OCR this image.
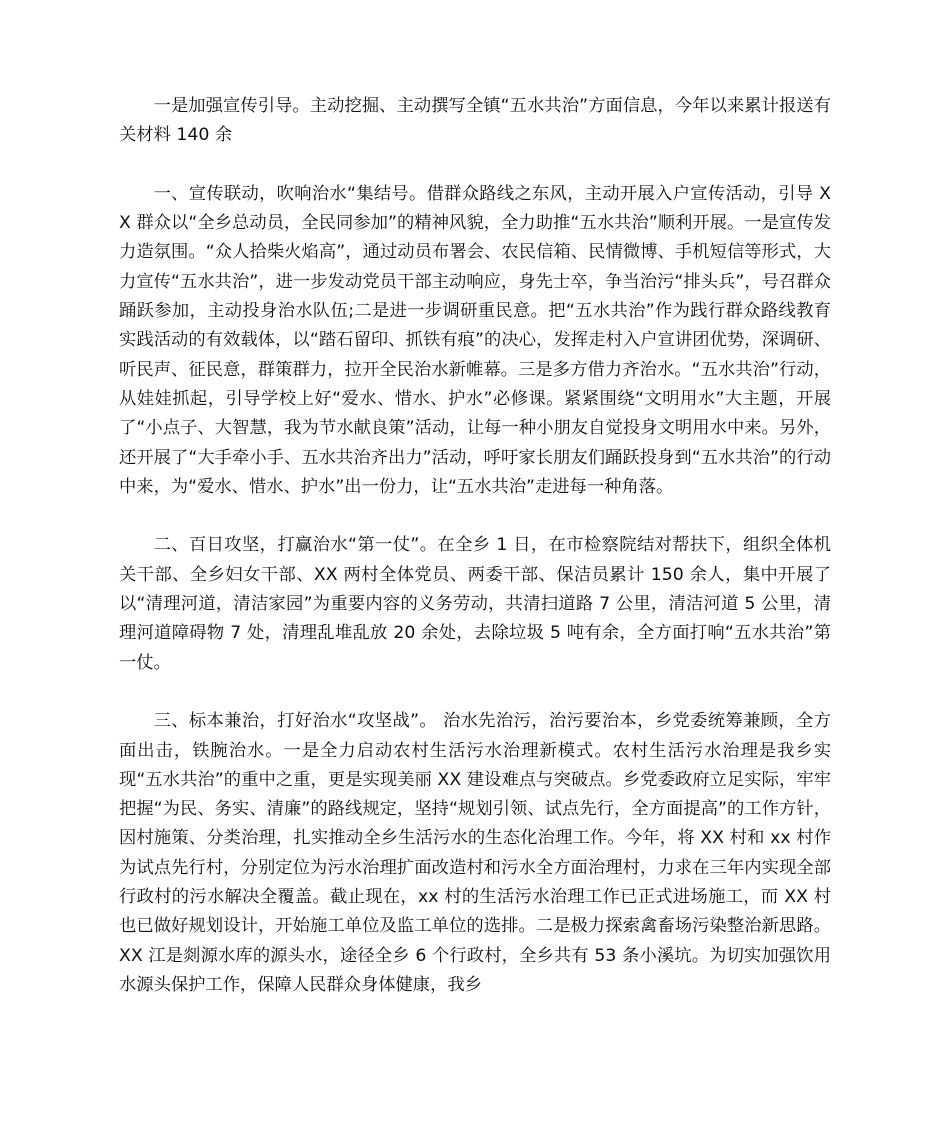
一是加强宣传引导。主动挖掘、主动撰写全镇“五水共治”方面信息，今年以来累计报送有关材料 140 余

一、宣传联动，吹响治水“集结号。借群众路线之东风，主动开展入户宣传活动，引导 XX 群众以“全乡总动员，全民同参加”的精神风貌，全力助推“五水共治”顺利开展。一是宣传发力造氛围。“众人拾柴火焰高”，通过动员布署会、农民信箱、民情微博、手机短信等形式，大力宣传“五水共治”，进一步发动党员干部主动响应，身先士卒，争当治污“排头兵”，号召群众踊跃参加，主动投身治水队伍;二是进一步调研重民意。把“五水共治”作为践行群众路线教育实践活动的有效载体，以“踏石留印、抓铁有痕”的决心，发挥走村入户宣讲团优势，深调研、听民声、征民意，群策群力，拉开全民治水新帷幕。三是多方借力齐治水。“五水共治”行动，从娃娃抓起，引导学校上好“爱水、惜水、护水”必修课。紧紧围绕“文明用水”大主题，开展了“小点子、大智慧，我为节水献良策”活动，让每一种小朋友自觉投身文明用水中来。另外，还开展了“大手牵小手、五水共治齐出力”活动，呼吁家长朋友们踊跃投身到“五水共治”的行动中来，为“爱水、惜水、护水”出一份力，让“五水共治”走进每一种角落。

二、百日攻坚，打赢治水“第一仗”。在全乡 1 日，在市检察院结对帮扶下，组织全体机关干部、全乡妇女干部、XX 两村全体党员、两委干部、保洁员累计 150 余人，集中开展了以“清理河道，清洁家园”为重要内容的义务劳动，共清扫道路 7 公里，清洁河道 5 公里，清理河道障碍物 7 处，清理乱堆乱放 20 余处，去除垃圾 5 吨有余，全方面打响“五水共治”第一仗。

三、标本兼治，打好治水“攻坚战”。 治水先治污，治污要治本，乡党委统筹兼顾，全方面出击，铁腕治水。一是全力启动农村生活污水治理新模式。农村生活污水治理是我乡实现“五水共治”的重中之重，更是实现美丽 XX 建设难点与突破点。乡党委政府立足实际，牢牢把握“为民、务实、清廉”的路线规定，坚持“规划引领、试点先行，全方面提高”的工作方针，因村施策、分类治理，扎实推动全乡生活污水的生态化治理工作。今年，将 XX 村和 xx 村作为试点先行村，分别定位为污水治理扩面改造村和污水全方面治理村，力求在三年内实现全部行政村的污水解决全覆盖。截止现在，xx 村的生活污水治理工作已正式进场施工，而 XX 村也已做好规划设计，开始施工单位及监工单位的选排。二是极力探索禽畜场污染整治新思路。XX 江是剡源水库的源头水，途径全乡 6 个行政村，全乡共有 53 条小溪坑。为切实加强饮用水源头保护工作，保障人民群众身体健康，我乡
